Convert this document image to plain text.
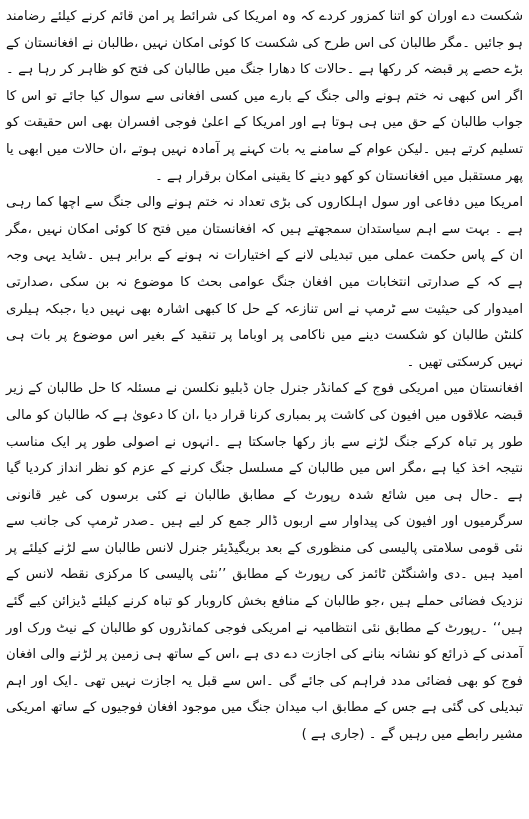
شکست دے اوران کو اتنا کمزور کردے کہ وہ امریکا کی شرائط پر امن قائم کرنے کیلئے رضامند ہو جائیں ۔مگر طالبان کی اس طرح کی شکست کا کوئی امکان نہیں ،طالبان نے افغانستان کے بڑے حصے پر قبضہ کر رکھا ہے ۔حالات کا دھارا جنگ میں طالبان کی فتح کو ظاہر کر رہا ہے ۔اگر اس کبھی نہ ختم ہونے والی جنگ کے بارے میں کسی افغانی سے سوال کیا جائے تو اس کا جواب طالبان کے حق میں ہی ہوتا ہے اور امریکا کے اعلیٰ فوجی افسران بھی اس حقیقت کو تسلیم کرتے ہیں ۔لیکن عوام کے سامنے یہ بات کہنے پر آمادہ نہیں ہوتے ،ان حالات میں ابھی یا پھر مستقبل میں افغانستان کو کھو دینے کا یقینی امکان برقرار ہے ۔

امریکا میں دفاعی اور سول اہلکاروں کی بڑی تعداد نہ ختم ہونے والی جنگ سے اچھا کما رہی ہے ۔ بہت سے اہم سیاستدان سمجھتے ہیں کہ افغانستان میں فتح کا کوئی امکان نہیں ،مگر ان کے پاس حکمت عملی میں تبدیلی لانے کے اختیارات نہ ہونے کے برابر ہیں ۔شاید یہی وجہ ہے کہ کے صدارتی انتخابات میں افغان جنگ عوامی بحث کا موضوع نہ بن سکی ،صدارتی امیدوار کی حیثیت سے ٹرمپ نے اس تنازعہ کے حل کا کبھی اشارہ بھی نہیں دیا ،جبکہ ہیلری کلنٹن طالبان کو شکست دینے میں ناکامی پر اوباما پر تنقید کے بغیر اس موضوع پر بات ہی نہیں کرسکتی تھیں ۔

افغانستان میں امریکی فوج کے کمانڈر جنرل جان ڈبلیو نکلسن نے مسئلہ کا حل طالبان کے زیر قبضہ علاقوں میں افیون کی کاشت پر بمباری کرنا قرار دیا ،ان کا دعویٰ ہے کہ طالبان کو مالی طور پر تباہ کرکے جنگ لڑنے سے باز رکھا جاسکتا ہے ۔انہوں نے اصولی طور پر ایک مناسب نتیجہ اخذ کیا ہے ،مگر اس میں طالبان کے مسلسل جنگ کرنے کے عزم کو نظر انداز کردیا گیا ہے ۔حال ہی میں شائع شدہ رپورٹ کے مطابق طالبان نے کئی برسوں کی غیر قانونی سرگرمیوں اور افیون کی پیداوار سے اربوں ڈالر جمع کر لیے ہیں ۔صدر ٹرمپ کی جانب سے نئی قومی سلامتی پالیسی کی منظوری کے بعد بریگیڈیئر جنرل لانس طالبان سے لڑنے کیلئے پر امید ہیں ۔دی واشنگٹن ٹائمز کی رپورٹ کے مطابق ’’نئی پالیسی کا مرکزی نقطہ لانس کے نزدیک فضائی حملے ہیں ،جو طالبان کے منافع بخش کاروبار کو تباہ کرنے کیلئے ڈیزائن کیے گئے ہیں‘‘ ۔رپورٹ کے مطابق نئی انتظامیہ نے امریکی فوجی کمانڈروں کو طالبان کے نیٹ ورک اور آمدنی کے ذرائع کو نشانہ بنانے کی اجازت دے دی ہے ،اس کے ساتھ ہی زمین پر لڑنے والی افغان فوج کو بھی فضائی مدد فراہم کی جائے گی ۔اس سے قبل یہ اجازت نہیں تھی ۔ایک اور اہم تبدیلی کی گئی ہے جس کے مطابق اب میدان جنگ میں موجود افغان فوجیوں کے ساتھ امریکی مشیر رابطے میں رہیں گے ۔ (جاری ہے )
